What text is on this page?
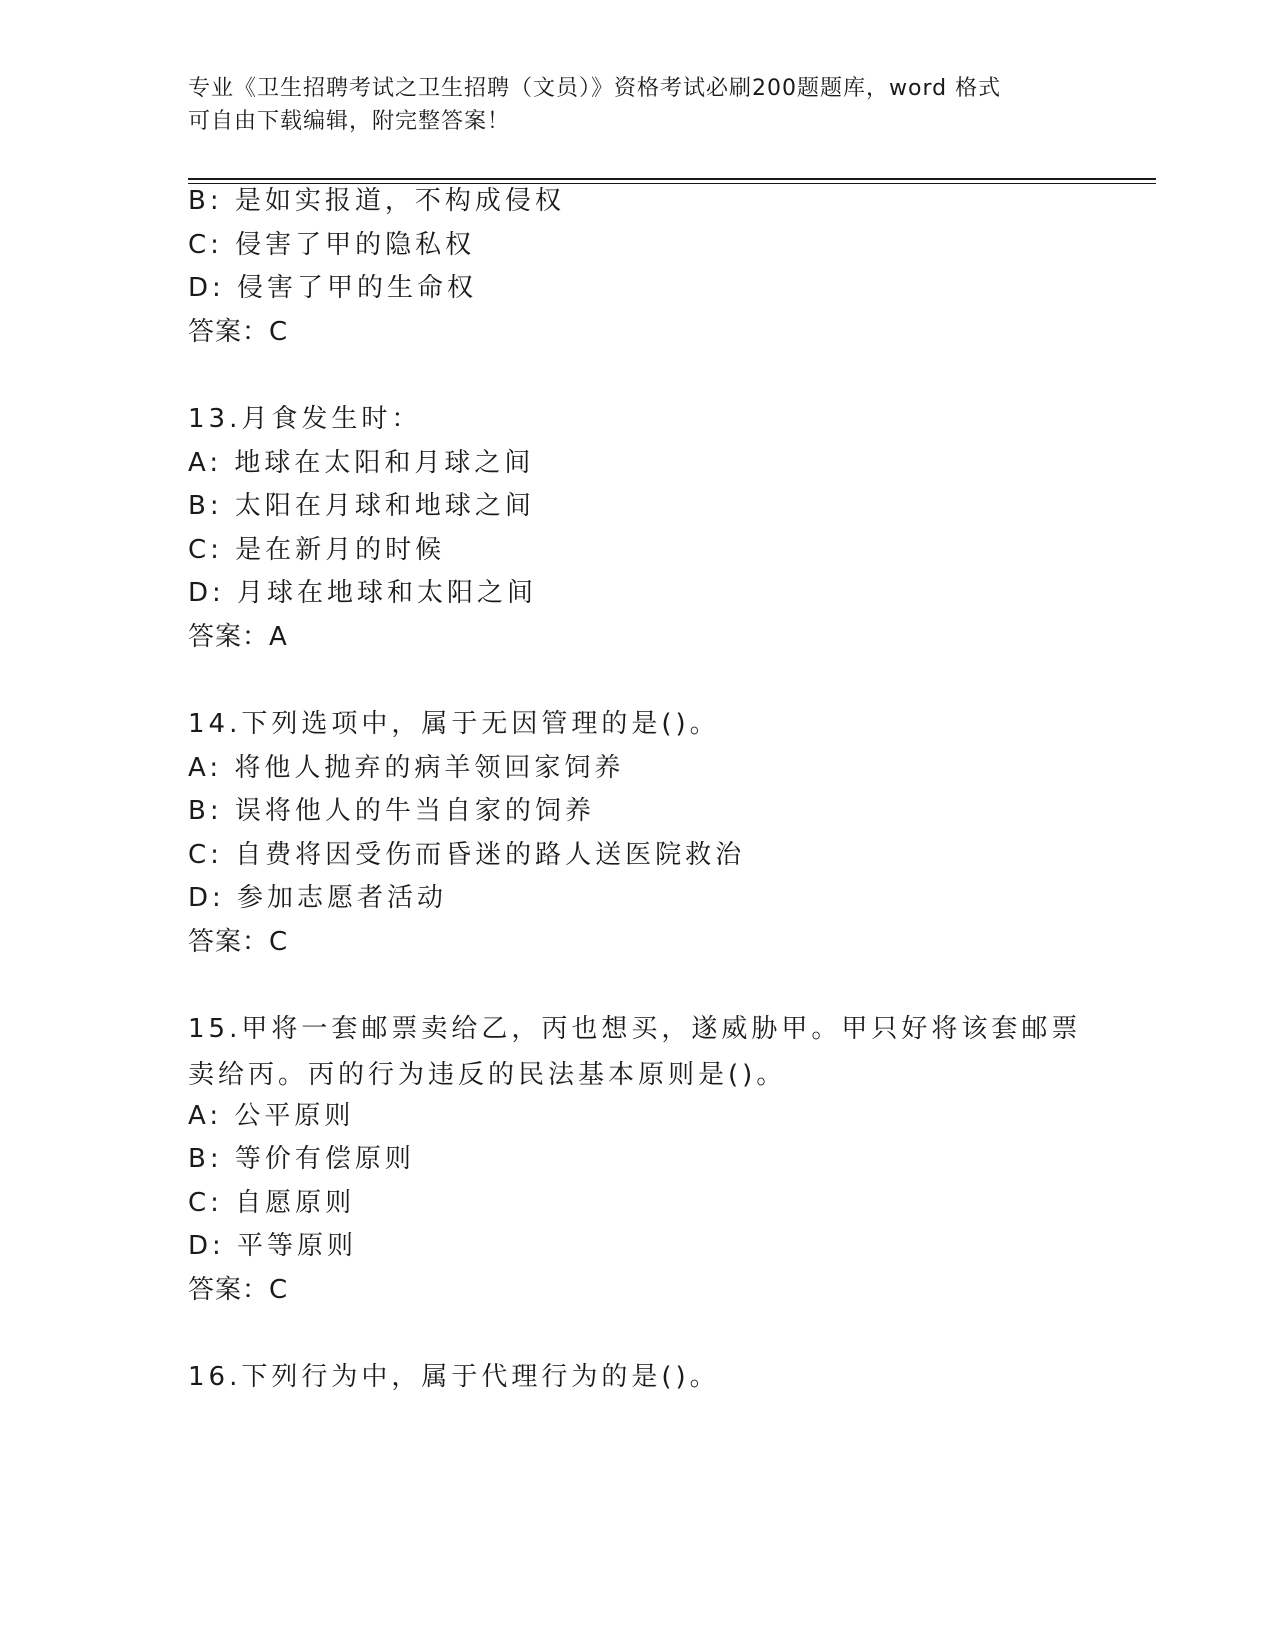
专业《卫生招聘考试之卫生招聘（文员）》资格考试必刷200题题库，word 格式
可自由下载编辑，附完整答案！
B: 是如实报道，不构成侵权
C: 侵害了甲的隐私权
D: 侵害了甲的生命权
答案：C
13.月食发生时：
A: 地球在太阳和月球之间
B: 太阳在月球和地球之间
C: 是在新月的时候
D: 月球在地球和太阳之间
答案：A
14.下列选项中，属于无因管理的是()。
A: 将他人抛弃的病羊领回家饲养
B: 误将他人的牛当自家的饲养
C: 自费将因受伤而昏迷的路人送医院救治
D: 参加志愿者活动
答案：C
15.甲将一套邮票卖给乙，丙也想买，遂威胁甲。甲只好将该套邮票卖给丙。丙的行为违反的民法基本原则是()。
A: 公平原则
B: 等价有偿原则
C: 自愿原则
D: 平等原则
答案：C
16.下列行为中，属于代理行为的是()。
